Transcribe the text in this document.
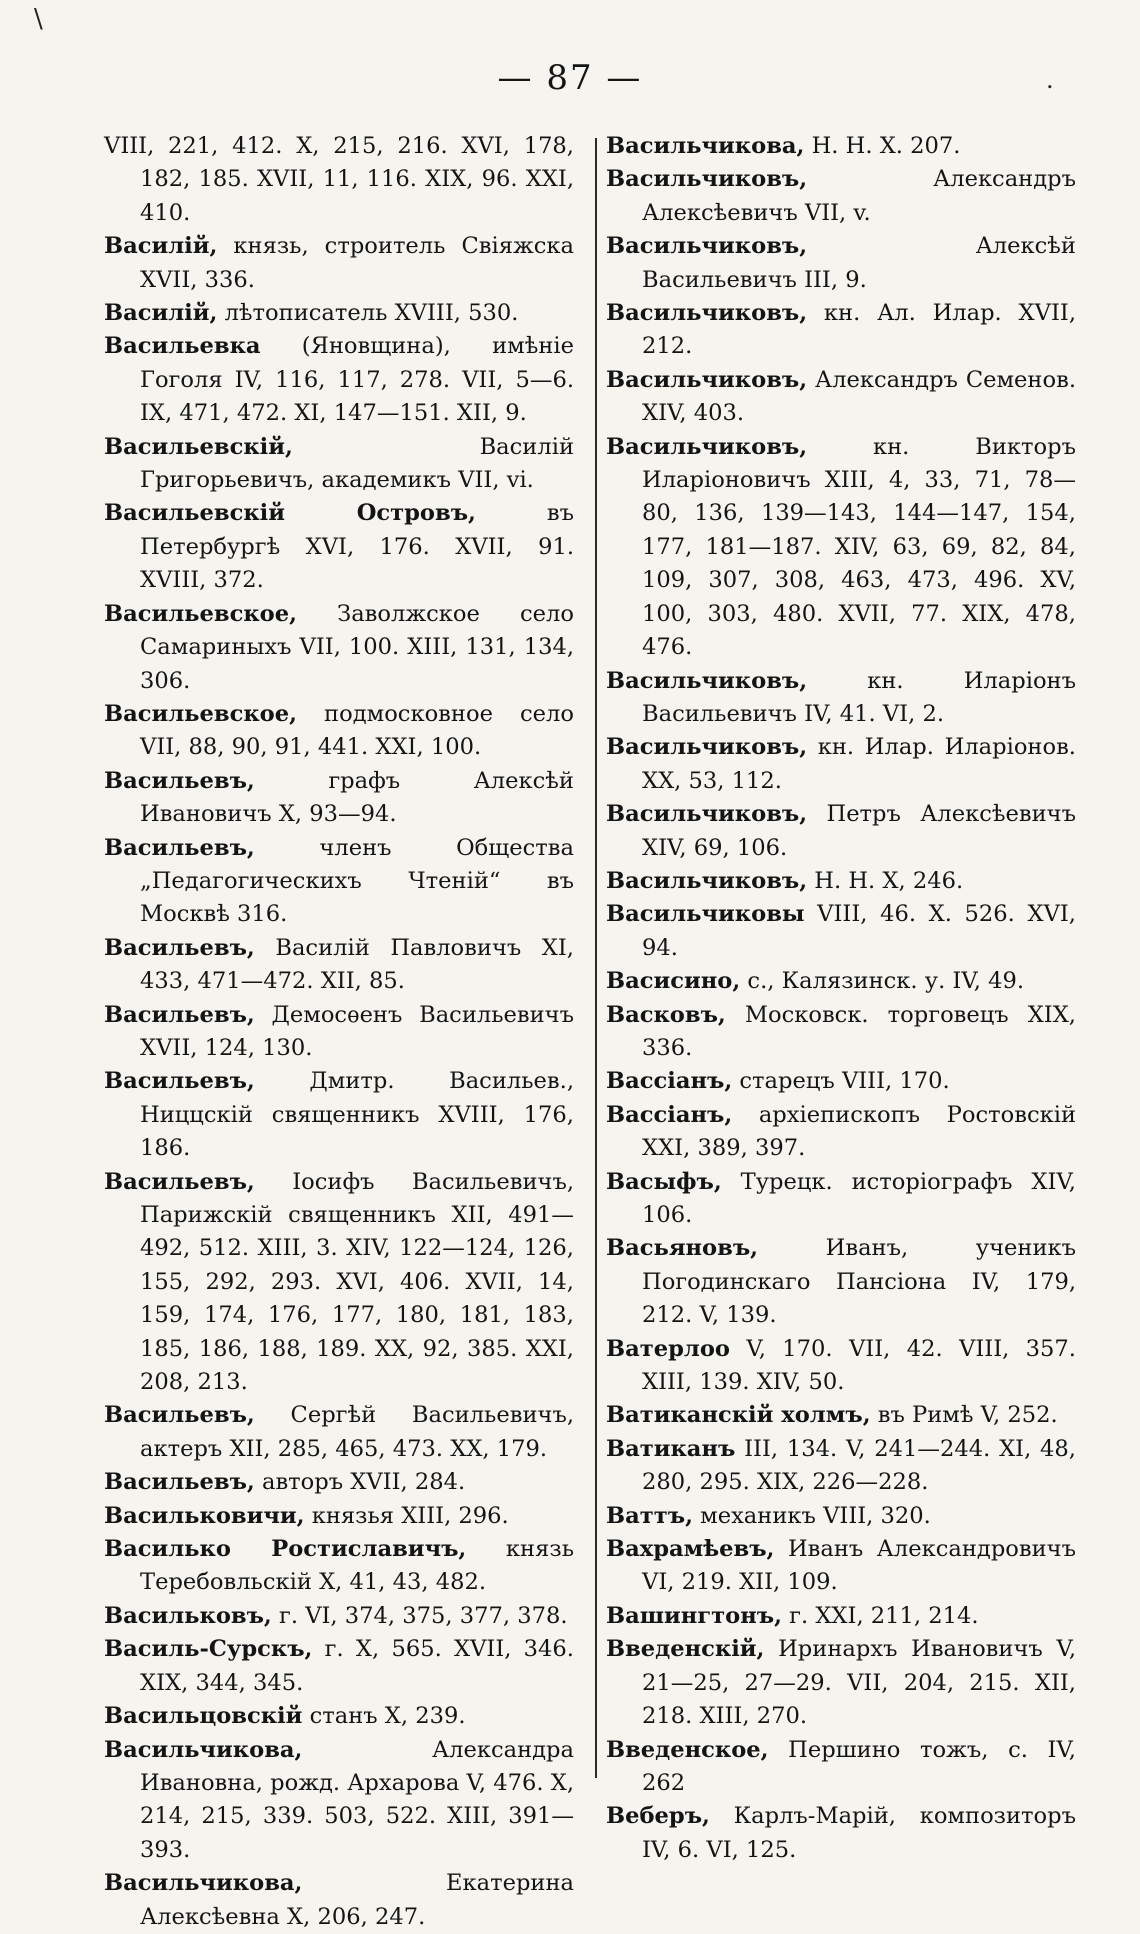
\
.
— 87 —

VIII, 221, 412. X, 215, 216. XVI, 178, 182, 185. XVII, 11, 116. XIX, 96. XXI, 410.

Василій, князь, строитель Свіяжска XVII, 336.

Василій, лѣтописатель XVIII, 530.

Васильевка (Яновщина), имѣніе Гоголя IV, 116, 117, 278. VII, 5—6. IX, 471, 472. XI, 147—151. XII, 9.

Васильевскій, Василій Григорьевичъ, академикъ VII, vi.

Васильевскій Островъ, въ Петербургѣ XVI, 176. XVII, 91. XVIII, 372.

Васильевское, Заволжское село Самариныхъ VII, 100. XIII, 131, 134, 306.

Васильевское, подмосковное село VII, 88, 90, 91, 441. XXI, 100.

Васильевъ, графъ Алексѣй Ивановичъ X, 93—94.

Васильевъ, членъ Общества „Педагогическихъ Чтеній“ въ Москвѣ 316.

Васильевъ, Василій Павловичъ XI, 433, 471—472. XII, 85.

Васильевъ, Демосѳенъ Васильевичъ XVII, 124, 130.

Васильевъ, Дмитр. Васильев., Ниццскій священникъ XVIII, 176, 186.

Васильевъ, Іосифъ Васильевичъ, Парижскій священникъ XII, 491—492, 512. XIII, 3. XIV, 122—124, 126, 155, 292, 293. XVI, 406. XVII, 14, 159, 174, 176, 177, 180, 181, 183, 185, 186, 188, 189. XX, 92, 385. XXI, 208, 213.

Васильевъ, Сергѣй Васильевичъ, актеръ XII, 285, 465, 473. XX, 179.

Васильевъ, авторъ XVII, 284.

Васильковичи, князья XIII, 296.

Василько Ростиславичъ, князь Теребовльскій X, 41, 43, 482.

Васильковъ, г. VI, 374, 375, 377, 378.

Василь-Сурскъ, г. X, 565. XVII, 346. XIX, 344, 345.

Васильцовскій станъ X, 239.

Васильчикова, Александра Ивановна, рожд. Архарова V, 476. X, 214, 215, 339. 503, 522. XIII, 391—393.

Васильчикова, Екатерина Алексѣевна X, 206, 247.

Васильчикова, Н. Н. X. 207.

Васильчиковъ, Александръ Алексѣевичъ VII, v.

Васильчиковъ, Алексѣй Васильевичъ III, 9.

Васильчиковъ, кн. Ал. Илар. XVII, 212.

Васильчиковъ, Александръ Семенов. XIV, 403.

Васильчиковъ, кн. Викторъ Иларіоновичъ XIII, 4, 33, 71, 78—80, 136, 139—143, 144—147, 154, 177, 181—187. XIV, 63, 69, 82, 84, 109, 307, 308, 463, 473, 496. XV, 100, 303, 480. XVII, 77. XIX, 478, 476.

Васильчиковъ, кн. Иларіонъ Васильевичъ IV, 41. VI, 2.

Васильчиковъ, кн. Илар. Иларіонов. XX, 53, 112.

Васильчиковъ, Петръ Алексѣевичъ XIV, 69, 106.

Васильчиковъ, Н. Н. X, 246.

Васильчиковы VIII, 46. X. 526. XVI, 94.

Васисино, с., Калязинск. у. IV, 49.

Васковъ, Московск. торговецъ XIX, 336.

Вассіанъ, старецъ VIII, 170.

Вассіанъ, архіепископъ Ростовскій XXI, 389, 397.

Васыфъ, Турецк. исторіографъ XIV, 106.

Васьяновъ, Иванъ, ученикъ Погодинскаго Пансіона IV, 179, 212. V, 139.

Ватерлоо V, 170. VII, 42. VIII, 357. XIII, 139. XIV, 50.

Ватиканскій холмъ, въ Римѣ V, 252.

Ватиканъ III, 134. V, 241—244. XI, 48, 280, 295. XIX, 226—228.

Ваттъ, механикъ VIII, 320.

Вахрамѣевъ, Иванъ Александровичъ VI, 219. XII, 109.

Вашингтонъ, г. XXI, 211, 214.

Введенскій, Иринархъ Ивановичъ V, 21—25, 27—29. VII, 204, 215. XII, 218. XIII, 270.

Введенское, Першино тожъ, с. IV, 262

Веберъ, Карлъ-Марій, композиторъ IV, 6. VI, 125.
